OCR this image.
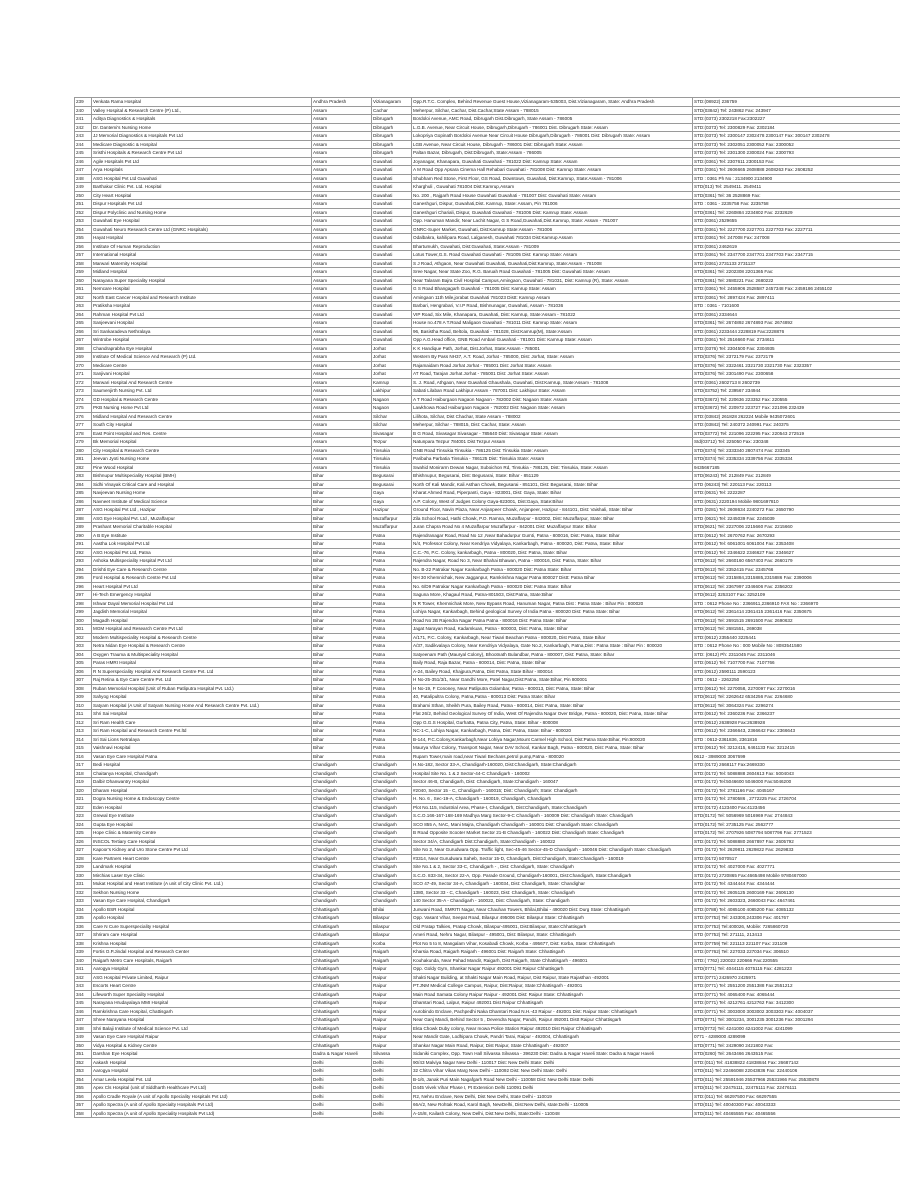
239	Venkata Rama Hospital	Andhra Pradesh	Vizianagaram	Opp.R.T.C. Complex, Behind Revenue Guest House,Vizianagaram-535003, Dist.Vizianagaram, State: Andhra Pradesh	STD:(08922) 236759
240	Valley Hospital & Research Centre (P) Ltd.,	Assam	Cachar	Meherpur, Silchar, Cachar, Dist.Cachar,State Assam - 788015	STD(03842) Tel: 243862 Fax: 243947
241	Aditya Diagnostics & Hospitals	Assam	Dibrugarh	Bordoloi Avenue, AMC Road, Dibrugarh Dist.Dibrugarh, State Assam - 786005	STD:(0373) 2302218 Fax:2302227
242	Dr. Dantemi's Nursing Home	Assam	Dibrugarh	L.G.B. Avenue, Near Circuit House, Dibrugarh,Dibrugarh - 786001 Dist. Dibrugarh State: Assam	STD:(0373) Tel: 2300829 Fax: 2302184
243	JJ Memorial Diagnostics & Hospitals Pvt Ltd	Assam	Dibrugarh	Lokopriya Gopinath Bordoloi Avenue Near Circuit House Dibrugarh,Dibrugarh - 786001 Dist: Dibrugarh State: Assam	STD:(0373) Tel: 2300147 2302478 2300147 Fax: 300147 2302478
244	Medicare Diagnostic & Hospital	Assam	Dibrugarh	LGB Avenue, Near Circuit House, Dibrugarh - 786001 Dist: Dibrugarh State: Assam	STD:(0373) Tel: 2302051 2300052 Fax: 2300052
245	Sristhi Hospitals & Research Centre Pvt Ltd	Assam	Dibrugarh	Paltan Bazar, Dibrugarh, Dist:Dibrugarh, State:Assam - 786005	STD:(0373) Tel: 2301300 2300024 Fax: 2300793
246	Agile Hospitals Pvt Ltd	Assam	Guwahati	Joyanagar, Khanapara, Guwahati Guwahati - 781022 Dist: Kamrup State: Assam	STD:(0361) Tel: 2307611 2300153 Fax:
247	Arya Hospitals	Assam	Guwahati	A M Road Opp Apsara Cinema Hall Rehabari Guwahati - 781008 Dist: Kamrup State: Assam	STD:(0361) Tel: 2606665 2608888 2608263 Fax: 2608252
248	ASG Hospital Pvt Ltd Guwahati	Assam	Guwahati	Shubham Red Stone, First Floor, GS Road, Downtown, Guwahati, Dist:Kamrup, State:Assam - 781006	STD : 0361 Ph No : 2134900 2134900
249	Barthakur Clinic Pvt. Ltd. Hospital	Assam	Guwahati	Kharghuli , Guwahati 781004 Dist:Kamrup,Assam	STD(013) Tel: 2549411. 2549411
250	City Heart Hospital	Assam	Guwahati	No. 200 , Rajgarh Road House Guwahati Guwahati - 781007 Dist: Guwahati State: Assam	STD(0361) Tel: 36 2528869 Fax:
251	Dispur Hospitals Pvt Ltd	Assam	Guwahati	Ganeshguri, Dispur, Guwahati,Dist. Kamrup, State: Assam, Pin 781006	STD : 0361 - 2235758 Fax: 2235758
252	Dispur Polyclinic and Nursing Home	Assam	Guwahati	Ganeshguri Chariali, Dispur, Guwahati Guwahati - 781006 Dist: Kamrup State: Assam	STD(0361) Tel: 2260884 2234802 Fax: 2232629
253	Guwahati Eye Hospital	Assam	Guwahati	Opp. Hanuman Mandir, Near Lachit Nagar, G S Road,Guwahati,Dist.Kamrup, State: Assam - 781007	STD:(0361) 2529655
254	Guwahati Neuro Research Centre Ltd (GNRC Hospitals)	Assam	Guwahati	GNRC-Super Market, Guwahati, Dist:Kamrup State:Assam - 781006	STD:(0361) Tel: 2227700 2227701 2227703 Fax: 2227711
255	Hayat Hospital	Assam	Guwahati	Odalbakra, kahilipara Road, Lalganesh, Guwahati 781034 Dist:Kamrup Assam	STD:(0361) Tel: 247008 Fax: 247008
256	Institute Of Human Reproduction	Assam	Guwahati	Bhartumukh, Guwahati, Dist:Guwahati, State:Assam - 781009	STD:(0361) 2462619
257	International Hospital	Assam	Guwahati	Lotus Tower,G.S. Road Guwahati Guwahati - 781005 Dist: Kamrup State: Assam	STD:(0361) Tel: 2347700 2347701 2347703 Fax: 2347715
258	Marwari Maternity Hospital	Assam	Guwahati	S J Road, Athgaon, Near Guwahati Guwahati, Guwahati,Dist:Kamrup, State:Assam - 781008	STD:(0361) 2731133 2731137
259	Midland Hospital	Assam	Guwahati	Sree Nagar, Near State Zoo, R.G. Baruah Road Guwahati - 781005 Dist: Guwahati State: Assam	STD(0361) Tel: 2202308 2201365 Fax:
260	Narayana Super Speciality Hospital	Assam	Guwahati	Near Talaram Bajra Civil Hospital Campus,Amingaon, Guwahati - 781031, Dist: Kamrup (R), State: Assam	STD(0361) Tel: 2680221 Fax: 2680222
261	Nemcare Hospital	Assam	Guwahati	G S Road Bhangagarh Guwahati - 781005 Dist: Kamrup State: Assam	STD:(0361) Tel: 2455906 2528587 2457348 Fax: 2459186 2455102
262	North East Cancer Hospital and Research Institute	Assam	Guwahati	Amingaon 11th Mile,jorabat Guwahati 781023 Distt: Kamrup Assam	STD:(0361) Tel: 2897424 Fax: 2897411
263	Pratiksha Hospital	Assam	Guwahati	Barbari, Hengrabari, V.I.P Road, Bishnunagar, Guwahati, Assam - 781036	STD : 0361 - 7101600
264	Rahman Hospital Pvt Ltd	Assam	Guwahati	VIP Road, Six Mile, Khanapara, Guwahati, Dist: Kamrup, State:Assam - 781022	STD:(0361) 2334644
265	Sanjeevani Hospital	Assam	Guwahati	House no.478 A T.Road Maligaon Guwahati - 781011 Dist: Kamrup State: Assam	STD(0361) Tel: 2674892 2674893 Fax: 2674892
266	Sri Sankaradeva Nethralaya	Assam	Guwahati	96, Basistha Road, Beltola, Guwahati - 781028, Dist:Kamrup(M), State:Assam	STD:(0361) 2233444 2228819 Fax:2228876
267	Wintrobe Hospital	Assam	Guwahati	Opp A.G.Head office, GNB Road Ambari Guwahati - 781001 Dist: Kamrup State: Assam	STD:(0361) Tel: 2516660 Fax: 2734611
268	Chandraprabha Eye Hospital	Assam	Jorhat	K K Handique Path, Jorhat, Dist.Jorhat, State:Assam - 785001	STD:(0376) Tel: 2304500 Fax: 2304935
269	Institute Of Medical Science And Research (P) Ltd.	Assam	Jorhat	Western By Pass NH37, A.T. Road, Jorhat - 785000, Dist: Jorhat, State: Assam	STD(0376) Tel: 2372179 Fax: 2372179
270	Medicare Centre	Assam	Jorhat	Rajamaidam Road Jorhat Jorhat - 785001 Dist: Jorhat State: Assam	STD(0376) Tel: 2322461 2321730 2321730 Fax: 2323357
271	Sanjivani Hospital	Assam	Jorhat	AT Road, Tarajan Jorhat Jorhat - 785001 Dist: Jorhat State: Assam	STD(0376) Tel: 2301490 Fax: 2300658
272	Marwari Hospital And Research Centre	Assam	Kamrup	S. J. Road, Athgaon, Near Guwahati Ghaushala, Guwahati, Dist:Kamrup, State:Assam - 781008	STD:(0361) 2602713 8 2602739
273	Saumenjirth Nursing Pvt. Ltd	Assam	Lakhipur	Sabati Lilaban Road Lakhipur Assam - 787001 Dist: Lakhipur State: Assam	STD(03752) Tel: 239567 234944
274	GD Hospital & Research Centre	Assam	Nagaon	A T Road Haiburgaon Nagaon Nagaon - 782002 Dist: Nagaon State: Assam	STD(03672) Tel: 220636 223352 Fax: 220555
275	PKB Nursing Home Pvt Ltd	Assam	Nagaon	Lawkhowa Road Haiburgaon Nagaon - 782002 Dist: Nagaon State: Assam	STD(03672) Tel: 220972 223727 Fax: 221096 232439
276	Midland Hospital And Research Centre	Assam	Silchar	Lilihota, Silchar, Dist Chachar, State Assam - 788002	STD:(03842) 261828 262224 Mobile 9435072601
277	South City Hospital	Assam	Silchar	Meherpur, Silchar - 788015, Dist: Cachar, State: Assam	STD:(03842) Tel: 240372 240991 Fax: 240375
278	East Point Hospital and Res. Centre	Assam	Sivasagar	B G Road, Sivasagar Sivasagar - 785640 Dist: Sivasagar State: Assam	STD(03772) Tel: 221096 222295 Fax: 220543 272519
279	Bk Memorial Hospital	Assam	Tezpur	Natunpara Tezpur 784001 Dist Tezpur Assam	Std(03712) Tel: 225050 Fax: 230348
280	City Hospital & Research Centre	Assam	Tinsukia	GNB Road Tinsukia Tinsukia - 786125 Dist: Tinsukia State: Assam	STD(0374) Tel: 2333340 2807474 Fax: 233345
281	Jeevan Jyoti Nursing Home	Assam	Tinsukia	Paribaha Parbatia Tinsukia - 786125 Dist: Tinsukia State: Assam	STD(0374) Tel: 2335334 2339756 Fax: 2335334
282	Pine Wood Hospital	Assam	Tinsukia	Swahid Monirarm Dewan Nagar, Suboichon Rd, Tinsukia - 786125, Dist: Tinsukia, State: Assam	9435667185
283	Bishnupur Multispeciality Hospital (BMH)	Bihar	Begusarai	Bhishnupur, Begusarai, Dist: Begusarai, State: Bihar - 851129	STD(06243) Tel: 212849 Fax: 212849
284	Sidhi Vinayak Critical Care and Hospital	Bihar	Begusarai	North Of Kali Mandir, Kali Asthan Chowk, Begusarai - 851101, Dist: Begusarai, State: Bihar	STD (06243) Tel: 220113 Fax: 220113
285	Navjeevan Nursing Home	Bihar	Gaya	Kharat Ahmed Road, Piperpanti, Gaya - 823001, Dist: Gaya, State: Bihar	STD:(0631) Tel: 2222287
286	Navneet Institute of Medical Science	Bihar	Gaya	A.P. Colony, West of Judges Colony Gaya-823001, Dist:Gaya, State:Bihar	STD:(0631) 2220194 Mobile 9801697810
287	ASG Hospital Pvt Ltd , Hazipur	Bihar	Hazipur	Ground Floor, Navin Plaza, Near Anjanpeer Chowk, Anjanpeer, Hazipur - 844101, Dist: Vaishali, State: Bihar	STD (0281) Tel: 2608634 2240272 Fax: 2650790
288	ASG Eye Hospital Pvt. Ltd , Muzaffarpur	Bihar	Muzaffarpur	Zila School Road, Hathi Chowk, P.O. Ramna, Muzaffarpur - 842002, Dist: Muzaffarpur, State: Bihar	STD (0621) Tel: 2245039 Fax: 2245039
289	Prashant Memorial Charitable Hospital	Bihar	Muzaffarpur	Juran Chapra Road No 4 Muzaffarpur Muzaffarpur - 842001 Dist: Muzaffarpur State: Bihar	STD(0621) Tel: 2227006 2215660 Fax: 2215660
290	A B Eye Institute	Bihar	Patna	Rajendranagar Road, Road No 12 ,Near Bahadurpur Gumti, Patna - 800016, Dist: Patna, State: Bihar	STD:(0612) Tel: 2670762 Fax: 2670293
291	Aastha Lok Hospital Pvt Ltd	Bihar	Patna	N/4, Professor Colony, Near Kendriya Vidyalaya, Kankarbagh, Patna - 800020, Dist: Patna, State: Bihar	STD:(0612) Tel: 6061001 6061004 Fax: 2353408
292	ASG Hospital Pvt Ltd, Patna	Bihar	Patna	C.C.-76, P.C. Colony, kankarbagh, Patna - 800020, Dist: Patna, State: Bihar	STD:(0612) Tel: 2346622 2346627 Fax: 2346627
293	Ashoka Multispeciality Hospital Pvt Ltd	Bihar	Patna	Rajendra Nagar, Road No 3, Near Bhahai Bhawan, Patna - 800016, Dist: Patna, State: Bihar	STD(0612) Tel: 2660160 6567403 Fax: 2660179
294	Drishti Eye Care & Research Centre	Bihar	Patna	No. B-22 Patrakar Nagar Kankarbagh Patna - 800020 Dist: Patna State: Bihar	STD(0612) Tel: 2352415 Fax: 2345766
295	Ford Hospital & Research Centre Pvt Ltd	Bihar	Patna	NH 30 Khemnichak, New Jagganpur, Ramkrishna Nagar Patna 800027 Distt: Patna Bihar	STD(0612) Tel: 2315884,2315885,2315886 Fax: 2390006
296	Heart Hospital Pvt Ltd	Bihar	Patna	No. 6/D9 Patrakar Nagar Kankarbagh Patna - 800020 Dist: Patna State: Bihar	STD(0612) Tel: 2367997 2346606 Fax: 2356202
297	Hi-Tech Emergency Hospital	Bihar	Patna	Saguna More, Khagaul Road, Patna-801503, Dist:Patna, State:Bihar	STD(0612) 3253107 Fax: 3252109
298	Ishwar Dayal Memorial Hospital Pvt Ltd	Bihar	Patna	N R Tower, Khemnichak More, New Bypass Road, Hanuman Nagar, Patna Dist : Patna State : Bihar Pin : 800020	STD : 0612 Phone No : 2366911,2366910 FAX No : 2366970
299	Jagdish Memorial Hospital	Bihar	Patna	Lohiya Nagar, Kankarbagh, Behind geological Survey of India Patna - 800020 Dist: Patna State: Bihar	STD(0612) Tel: 2361414 2361415 2361416 Fax: 2350675
300	Magadh Hospital	Bihar	Patna	Road No 2B Rajendra Nagar Patna Patna - 800016 Dist: Patna State: Bihar	STD(0612) Tel: 2691515 2691500 Fax: 2690632
301	MGM Hospital and Research Centre Pvt Ltd	Bihar	Patna	Jagat Narayan Road, Kadamkuan, Patna - 800003, Dist: Patna, State: Bihar	STD(0612) Tel: 2681551, 269038
302	Modern Multispeciality Hospital & Research Centre	Bihar	Patna	A/171, P.C. Colony, Kankarbagh, Near Tiwari Beachan Patna - 800020, Dist Patna, State Bihar	STD:(0612) 2355440 3225441
303	Netra Nidan Eye Hospital & Research Centre	Bihar	Patna	A/37, Sadikvalaya Colony, Near Kendriya Vidyalaya, Gate No.2, Kankarbagh, Patna,Dist : Patna State : Bihar Pin : 800020	STD : 0612 Phone No : 000 Mobile No : 8083541580
304	Oxygen Trauma & Multispeciality Hospital	Bihar	Patna	Satyeenam Path (Mauryal Colony), Bhootnath Bulandbar, Patna - 800007, Dist: Patna, State: Bihar	STD: (0612) Ph: 2311045 Fax: 2311046
305	Paras HMRI Hospital	Bihar	Patna	Baily Road, Raja Bazar, Patna - 800014, Dist: Patna, State: Bihar	STD:(0612) Tel: 7107700 Fax: 7107766
306	R N Superspeciality Hospital And Research Centre Pvt. Ltd	Bihar	Patna	A-24, Bailey Road, Khajpura,Patna, Dist Patna, State Bihar - 800014	STD:(0612) 2590111 2590123
307	Raj Retina & Eye Care Centre Pvt. Ltd	Bihar	Patna	H No-25-351/3/1, Near Gandhi More, Patel Nagar,Dist:Patna, State:Bihar, Pin 800001	STD : 0612 - 2262250
308	Ruban Memorial Hospital (Unit of Ruban Patliputra Hospital Pvt. Ltd.)	Bihar	Patna	H No-19, F Cononey, Near Patliputra Golambar, Patna - 800013, Dist: Patna, State: Bihar	STD:(0612) Tel: 2270058, 2270097 Fax: 2270016
309	Sahyog Hospital	Bihar	Patna	40, Patalipultra Colony, Patna,Patna - 800013 Dist: Patna State: Bihar	STD(0612) Tel: 2262642 6534256 Fax: 2264680
310	Satyam Hospital (A Unit of Satyam Nursing Home And Research Centre Pvt. Ltd.)	Bihar	Patna	Brahami Sthan, Sheikh Pura, Bailey Road, Patna - 800014, Dist: Patna, State: Bihar	STD(0612) Tel: 3064324 Fax: 2296274
311	Shri Sai Hospital	Bihar	Patna	Flat 26/2, Behind Geological Survey Of India, West Of Rajendra Nagar Over Bridge, Patna - 800020, Dist: Patna, State: Bihar	STD:(0612) Tel: 2360236 Fax: 2366237
312	Sri Ram Health Care	Bihar	Patna	Opp G.G.S Hospital, Gurhatta, Patna City, Patna, State: Bihar - 800008	STD:(0612) 2638928 Fax:2638928
313	Sri Ram Hospital and Research Centre Pvt.ltd	Bihar	Patna	NC-1-C, Lohiya Nagar, Kankarbagh, Patna, Dist: Patna, State: Bihar - 800020	STD:(0612) Tel: 2366643, 2366642 Fax: 2366643
314	Sri Sai Lions Netralaya	Bihar	Patna	B-144, P.C.Colony,Kankarbagh,Near Lohiya Nagar,Mount Carmel High School, Dist:Patna State:Bihar, Pin:800020	STD : 0612-2361836, 2361816
315	Vaishnavi Hospital	Bihar	Patna	Maurya Vihar Colony, Transport Nagar, Near DAV School, Kankar Bagh, Patna - 800020, Dist: Patna, State: Bihar	STD:(0612) Tel: 3212415, 6461133 Fax: 3212415
316	Vasan Eye Care Hospital Patna	Bihar	Patna	Rupam Tower,main road,near Tiwari Bechans,petrol pump,Patna - 800020	0612 - 3989000 3067699
317	Bedi Hospital	Chandigarh	Chandigarh	H.No-182, Sector 33-A, Chandigarh-160020, Dist:Chandigarh, State:Chandigarh	STD:(0172) 2668117 Fax:2669330
318	Chaitanya Hospital, Chandigarh	Chandigarh	Chandigarh	Hospital Site No. 1 & 2 Sector-44-C Chandigarh - 160002	STD:(0172) Tel: 5088888 2604613 Fax: 5004043
319	Dalbir Dhanwantry Hospital	Chandigarh	Chandigarh	Sector 46-B, Chandigarh, Dist: Chandigarh, State:Chandigarh - 160047	STD:(0172) Tel:5046600 5046000 Fax:5046200
320	Dharam Hospital	Chandigarh	Chandigarh	#2040, Sector 15 - C, Chandigarh - 160015; Dist: Chandigarh; State: Chandigarh	STD:(0172) Tel: 2781166 Fax: 4045167
321	Dogra Nursing Home & Endoscopy Centre	Chandigarh	Chandigarh	H. No. 6 , Sec-19-A, Chandigarh - 160019, Chandigarh, Chandigarh	STD (0172) Tel: 2780586 , 2772225 Fax: 2726704
322	Eden Hospital	Chandigarh	Chandigarh	Plot No.115, Industrial Area, Phase-I, Chandigarh, Dist:Chandigarh, State:Chandigarh	STD:(0172) 4123400 Fax:4123456
323	Grewal Eye Institute	Chandigarh	Chandigarh	S.C.O.166-167-168-169 Madhya Marg Sector-9-C Chandigarh - 160009 Dist: Chandigarh State: Chandigarh	STD(0172) Tel: 5056969 5016969 Fax: 2744843
324	Gupta Eye Hospital	Chandigarh	Chandigarh	SCO 855 A, NAC, Mani Majra, Chandigarh Chandigarh - 160001 Dist: Chandigarh State: Chandigarh	STD(0172) Tel: 2735125 Fax: 2562777
325	Hope Clinic & Maternity Centre	Chandigarh	Chandigarh	B Road Opposite Scooter Market Sector 21-B Chandigarh - 160022 Dist: Chandigarh State: Chandigarh	STD(0172) Tel: 2707926 5087794 5087796 Fax: 2771523
326	INSCOL Tertiary Care Hospital	Chandigarh	Chandigarh	Sector 34/A, Chandigarh Dist:Chandigarh, State:Chandigarh - 160022	STD:(0172) Tel: 5088880 2667897 Fax: 2605792
327	Kapoor's Kidney and Uro Stone Centre Pvt Ltd	Chandigarh	Chandigarh	Site No 2, Near Gurudwara Opp. Traffic light, Sec-45-46 Sector-45-D Chandigarh - 160046 Dist: Chandigarh State: Chandigarh	STD (0172) Tel: 2629811 2629822 Fax: 2629833
328	Kare Partners Heart Centre	Chandigarh	Chandigarh	#3314, Near Gurudwara Saheb, Sector 15-D, Chandigarh, Dist:Chandigarh, State:Chandigarh - 160019	STD:(0172) 5070517
329	Landmark Hospital	Chandigarh	Chandigarh	Site No.1 & 2, Sector 33-C, Chandigarh - , Dist: Chandigarh, State: Chandigarh	STD:(0172) Tel: 4027000 Fax: 4027771
330	Mirchias Laser Eye Clinic	Chandigarh	Chandigarh	S.C.O. 833-34, Sector 22-A, Opp. Parade Ground, Chandigarh-160001, Dist:Chandigarh, State:Chandigarh	STD:(0172) 2720865 Fax:4665498 Mobile 9780467000
331	Mukat Hospital and Heart Institute (A unit of City Clinic Pvt. Ltd.)	Chandigarh	Chandigarh	SCO 47-49, Sector 34-A, Chandigarh - 160034, Dist: Chandigarh, State: Chandighar	STD (0172) Tel: 4344444 Fax: 4344444
332	Sekhon Nursing Home	Chandigarh	Chandigarh	1380, Sector 33 - C, Chandigarh - 160023, Dist: Chandigarh, State: Chandigarh	STD:(0172) Tel: 2605125 2600169 Fax: 2606130
333	Vasan Eye Care Hospital, Chandigarh	Chandigarh	Chandigarh	140 Sector 35-A - Chandigarh - 160022, Dist: Chandigarh, State: Chandigarh	STD (0172) Tel: 2603323, 2660043 Fax: 4647461
334	Apollo BSR Hospital	Chhattisgarh	Bhilai	Junwani Road, SMRITI Nagar, Near Chauhan Towers, Bhilai,Bhilai - 490020 Dist: Durg State: Chhattisgarh	STD:(0788) Tel: 4085100 4085200 Fax: 4085132
335	Apollo Hospital	Chhattisgarh	Bilaspur	Opp. Vasant Vihar, Seepat Road, Bilaspur 495006 Dist: Bilaspur State: Chhattisgarh	STD:(07752) Tel: 243300,243306 Fax: 401767
336	Care N Cure Superspeciality Hospital	Chhattisgarh	Bilaspur	Old Pratap Talkies, Pratap Chowk, Bilaspur-495001, Dist:Bilaspur, State:Chhattisgarh	STD:(07752) Tel:400026, Mobile: 7265860720
337	Shriram care Hospital	Chhattisgarh	Bilaspur	Ameri Road, Nehru Nagar, Bilaspur - 495001, Dist: Bilaspur, State: Chhattisgarh	STD (07752) Tel: 271111, 213413
338	Krishna Hospital	Chhattisgarh	Korba	Plot No 5 to 8, Mangalam Vihar, Kosabadi Chowk, Korba - 495677, Dist: Korba, State: Chhattisgarh	STD:(07759) Tel: 221113 221107 Fax: 221109
339	Fortis O.P.Jindal Hospital and Research Center	Chhattisgarh	Raigarh	Kharsia Road, Raigarh Raigarh - 496001 Dist: Raigarh State: Chhattisgarh	STD:(07762) Tel: 227033 227034 Fax: 306510
340	Raigarh Metro Care Hospitals, Raigarh	Chhattisgarh	Raigarh	Kouhakunda, Near Pahad Mandir, Raigarh, Dist Raigarh, State Chhattisgarh - 496001	STD:( 7762) 220022 220666 Fax:220555
341	Aarogya Hospital	Chhattisgarh	Raipur	Opp. Goldy Gym, Shankar Nagar Raipur 492001 Dist Raipur Chhattisgarh	STD(0771) Tel: 4044115 4075115 Fax: 4281223
342	ASG Hospital Private Limited, Raipur	Chhattisgarh	Raipur	Shakti Nagar Building, at Shakti Nagar Main Road, Raipur, Dist Raipur, State Rajasthan -492001	STD:(0771) 2426970 2425971
343	Escorts Heart Centre	Chhattisgarh	Raipur	PT.JNM Medical College Campus, Raipur, Dist:Raipur, State:Chhattisgarh - 492001	STD:(0771) Tel: 2551200 2551388 Fax:2551212
344	Lifeworth Super Speciality Hospital	Chhattisgarh	Raipur	Main Road Samata Colony Raipur Raipur - 492001 Dist: Raipur State: Chhattisgarh	STD:(0771) Tel: 4065400 Fax: 4065444
345	Narayana Hrudayalaya MMI Hospital	Chhattisgarh	Raipur	Dhamtari Road, Lalpur, Raipur 492001 Dist Raipur Chhattisgarh	STD:(0771) Tel: 4212761 4212762 Fax: 3412300
346	Ramkrishna Care Hospital, Chattisgarh	Chhattisgarh	Raipur	Aurobindo Enclave, Pachpedhi Naka Dhamtari Road N.H.-43 Raipur - 492001 Dist: Raipur State: Chhattisgarh	STD:(0771) Tel: 3003000 3003002 3003303 Fax: 4004037
347	Shree Narayana Hospital	Chhattisgarh	Raipur	Near Ganj Mandi, Behind Sector 5 , Devendra Nagar, Pandri, Raipur 492001 Distt Raipur Chhattisgarh	STD(0771) Tel: 3001234, 3001235 3001236 Fax: 3001294
348	Shri Balaji Institute of Medical Science Pvt. Ltd	Chhattisgarh	Raipur	Ekta Chowk Duby colony, Near mowa Police Station Raipur 492010 Dist Raipur Chhattisgarh	STD(0772) Tel: 4241000 4241002 Fax: 4241099
349	Vasan Eye Care Hospital Raipur	Chhattisgarh	Raipur	Near Mandir Gate, Lodhipara Chowk, Pandri Tarai, Raipur - 492004, Chhattisgarh	0771 - 4289000 4289099
350	Vidya Hospital & Kidney Centre	Chhattisgarh	Raipur	Shankar Nagar Main Road, Raipur, Dist Raipur, State Chhattisgarh - 492007	STD(0771) Tel: 2429090 2421802 Fax:
351	Darshan Eye Hospital	Dadra & Nagar Haveli	Silvassa	Sidaniki Complex, Opp. Town Hall Silvassa Silvassa - 396230 Dist: Dadra & Nagar Haveli State: Dadra & Nagar Haveli	STD(0260) Tel: 2643466 2643515 Fax:
352	Aakash Hospital	Delhi	Delhi	90/43 Malviya Nagar New Delhi - 110017 Dist: New Delhi State: Delhi	STD:(011) Tel: 41838822 41838844 Fax: 26687142
353	Aarogya Hospital	Delhi	Delhi	32 Chitra Vihar Vikas Marg New Delhi - 110092 Dist: New Delhi State: Delhi	STD(011) Tel: 22466088 22043836 Fax: 22440106
354	Amar Leela Hospital Pvt. Ltd	Delhi	Delhi	B-1/6, Janak Puri Main Nagafgarh Road New Delhi - 110058 Dist: New Delhi State: Delhi	STD(011) Tel: 25591946 25537966 25531966 Fax: 25530878
355	Apex Cls Hospital (unit of Siddharth Healthcare Pvt Ltd)	Delhi	Delhi	D445 Vivek Vihar Phase I, Pt Extension Delhi 110091 Delhi	STD(011) Tel: 22475111, 22475111 Fax: 22476111
356	Apollo Cradle Royale (A unit of Apollo Speciality Hospitals Pvt Ltd)	Delhi	Delhi	R2, Nehru Enclave, New Delhi, Dist New Delhi, State Delhi - 110019	STD:(011) Tel: 66297500 Fax: 66297555
357	Apollo Spectra (A unit of Apollo Specialty Hospitals Pvt Ltd)	Delhi	Delhi	66A/2, New Rohtak Road, Karol Bagh, NewDelhi, Dist:New Delhi, state:Delhi - 110005	STD(011) Tel: 40040300 Fax: 40043333
358	Apollo Spectra (A unit of Apollo Speciality Hospitals Pvt Ltd)	Delhi	Delhi	A-15/8, Kailash Colony, New Delhi, Dist:New Delhi, State:Delhi - 110048	STD(011) Tel: 40465555 Fax: 40465556
